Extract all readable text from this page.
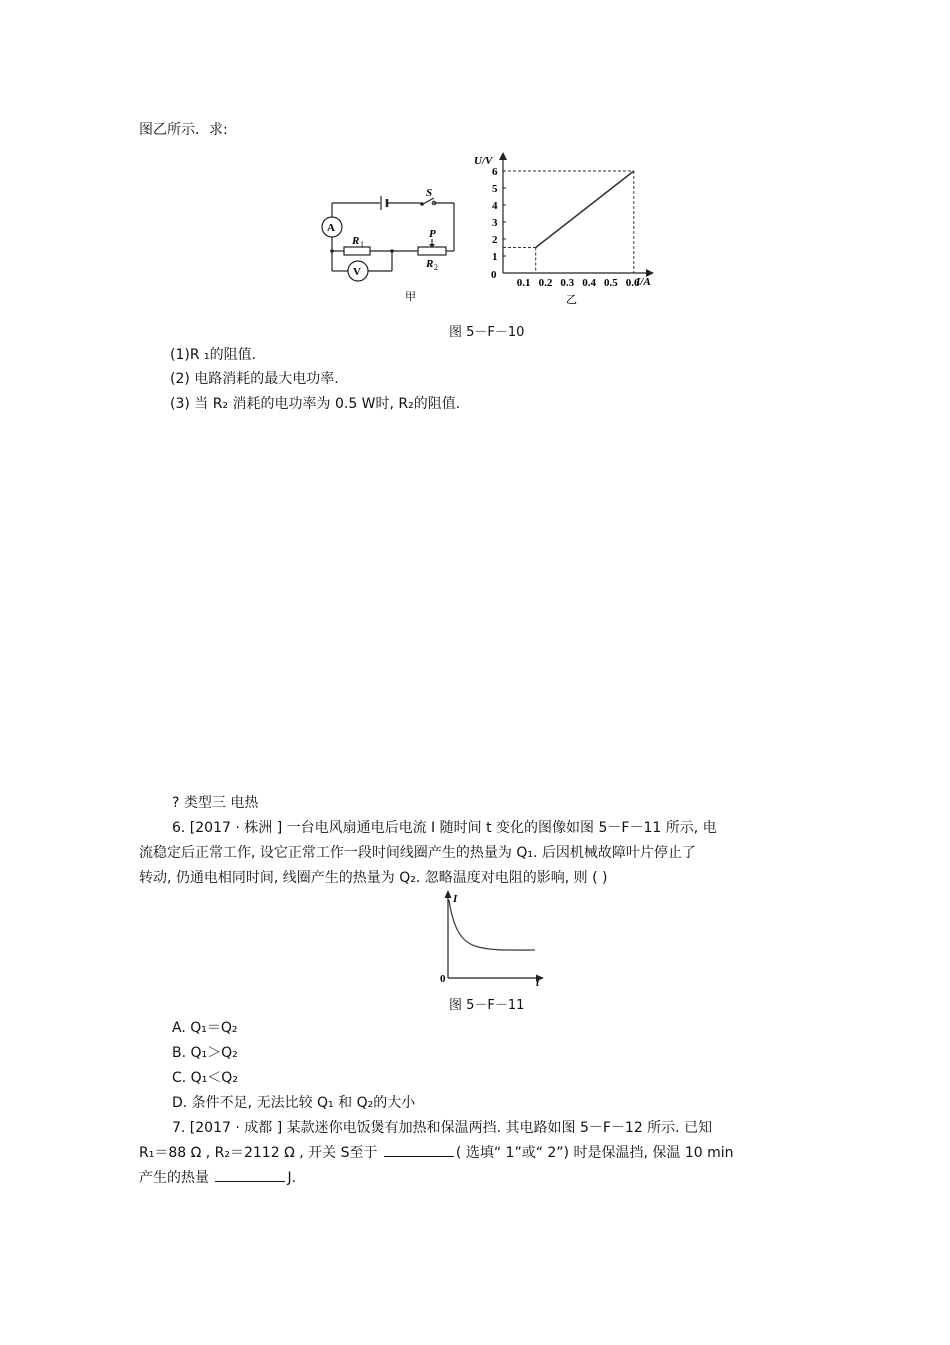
图乙所示．求:
A
V
S
R 1
P
R 2
甲
0.1 0.2 0.3 0.4 0.5 0.6
1
2
3
4
5
6
U/V
I/A
0
乙
图 5－F－10
(1)R ₁的阻值.
(2) 电路消耗的最大电功率.
(3) 当 R₂ 消耗的电功率为 0.5 W时, R₂的阻值.
? 类型三 电热
6. [2017 · 株洲 ] 一台电风扇通电后电流 I 随时间 t 变化的图像如图 5－F－11 所示, 电
流稳定后正常工作, 设它正常工作一段时间线圈产生的热量为 Q₁. 后因机械故障叶片停止了
转动, 仍通电相同时间, 线圈产生的热量为 Q₂. 忽略温度对电阻的影响, 则 ( )
I
t
0
图 5－F－11
A. Q₁＝Q₂
B. Q₁＞Q₂
C. Q₁＜Q₂
D. 条件不足, 无法比较 Q₁ 和 Q₂的大小
7. [2017 · 成都 ] 某款迷你电饭煲有加热和保温两挡. 其电路如图 5－F－12 所示. 已知
R₁＝88 Ω , R₂＝2112 Ω , 开关 S至于	( 选填“ 1”或“ 2”) 时是保温挡, 保温 10 min
产生的热量	J.
